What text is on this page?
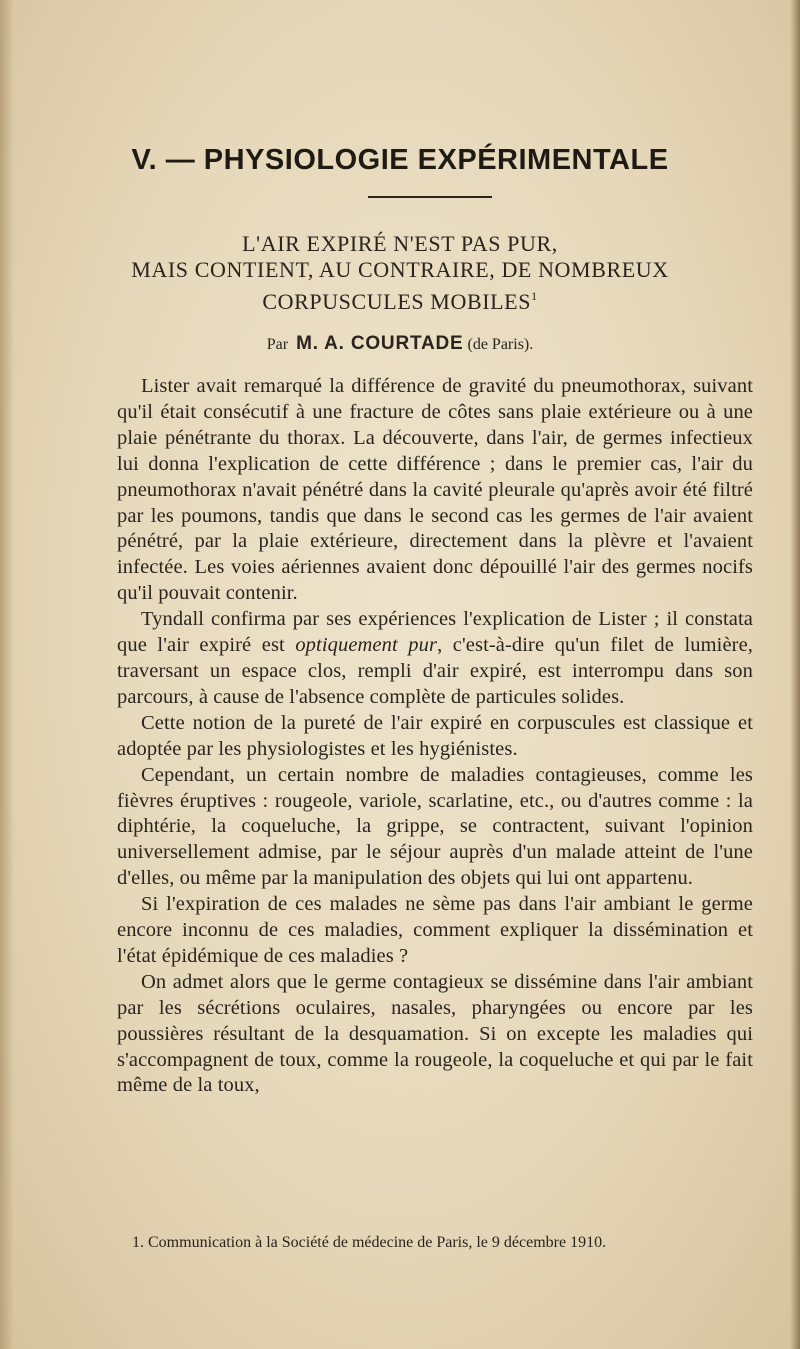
V. — PHYSIOLOGIE EXPÉRIMENTALE
L'AIR EXPIRÉ N'EST PAS PUR,
MAIS CONTIENT, AU CONTRAIRE, DE NOMBREUX
CORPUSCULES MOBILES$^1$
Par M. A. COURTADE (de Paris).

Lister avait remarqué la différence de gravité du pneumothorax, suivant qu'il était consécutif à une fracture de côtes sans plaie extérieure ou à une plaie pénétrante du thorax. La découverte, dans l'air, de germes infectieux lui donna l'explication de cette différence ; dans le premier cas, l'air du pneumothorax n'avait pénétré dans la cavité pleurale qu'après avoir été filtré par les poumons, tandis que dans le second cas les germes de l'air avaient pénétré, par la plaie extérieure, directement dans la plèvre et l'avaient infectée. Les voies aériennes avaient donc dépouillé l'air des germes nocifs qu'il pouvait contenir.

Tyndall confirma par ses expériences l'explication de Lister ; il constata que l'air expiré est optiquement pur, c'est-à-dire qu'un filet de lumière, traversant un espace clos, rempli d'air expiré, est interrompu dans son parcours, à cause de l'absence complète de particules solides.

Cette notion de la pureté de l'air expiré en corpuscules est classique et adoptée par les physiologistes et les hygiénistes.

Cependant, un certain nombre de maladies contagieuses, comme les fièvres éruptives : rougeole, variole, scarlatine, etc., ou d'autres comme : la diphtérie, la coqueluche, la grippe, se contractent, suivant l'opinion universellement admise, par le séjour auprès d'un malade atteint de l'une d'elles, ou même par la manipulation des objets qui lui ont appartenu.

Si l'expiration de ces malades ne sème pas dans l'air ambiant le germe encore inconnu de ces maladies, comment expliquer la dissémination et l'état épidémique de ces maladies ?

On admet alors que le germe contagieux se dissémine dans l'air ambiant par les sécrétions oculaires, nasales, pharyngées ou encore par les poussières résultant de la desquamation. Si on excepte les maladies qui s'accompagnent de toux, comme la rougeole, la coqueluche et qui par le fait même de la toux,

1. Communication à la Société de médecine de Paris, le 9 décembre 1910.
